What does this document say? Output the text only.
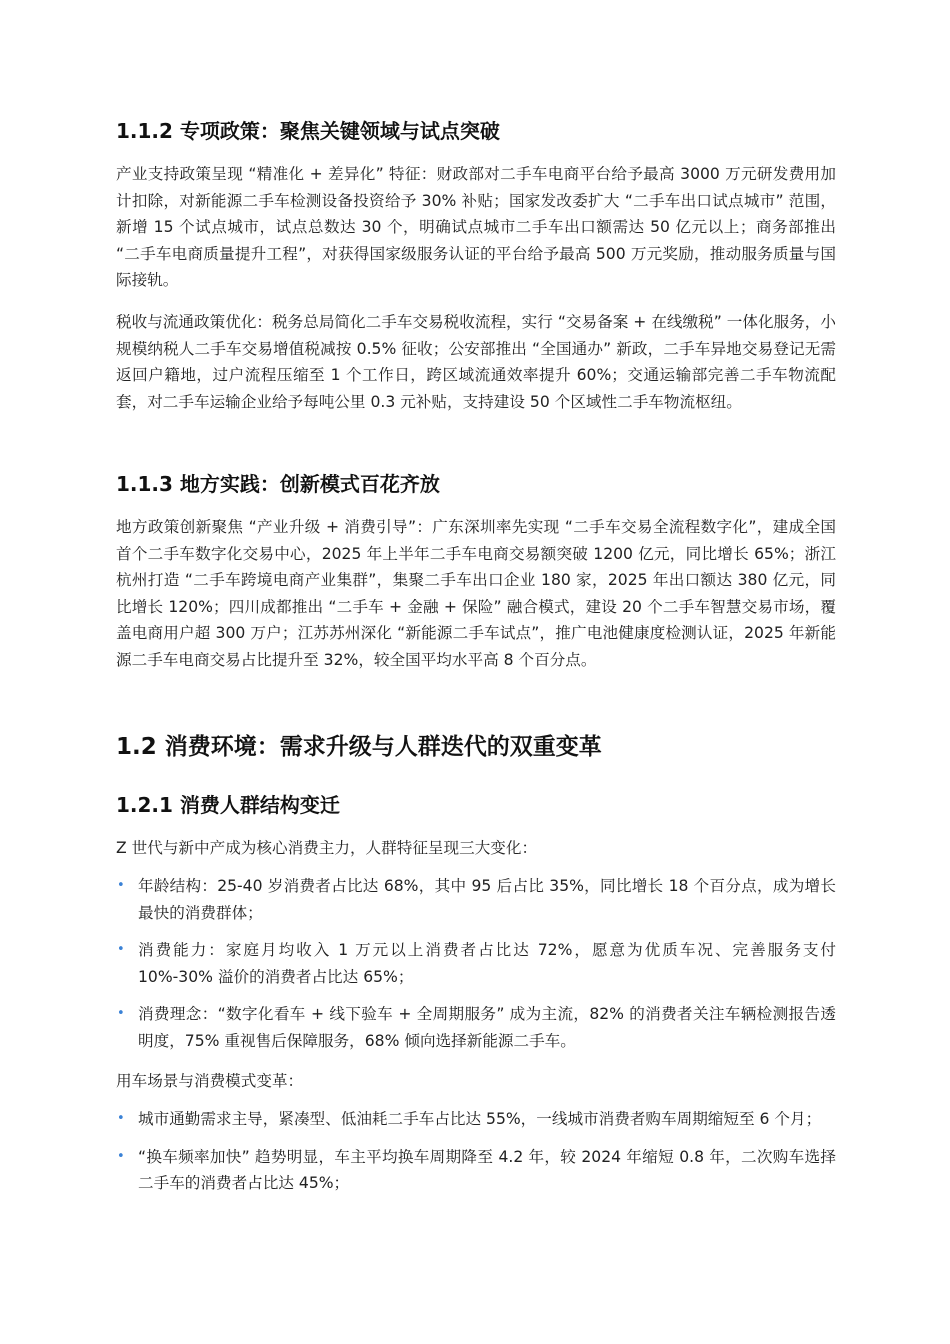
1.1.2 专项政策：聚焦关键领域与试点突破

产业支持政策呈现 “精准化 + 差异化” 特征：财政部对二手车电商平台给予最高 3000 万元研发费用加计扣除，对新能源二手车检测设备投资给予 30% 补贴；国家发改委扩大 “二手车出口试点城市” 范围，新增 15 个试点城市，试点总数达 30 个，明确试点城市二手车出口额需达 50 亿元以上；商务部推出 “二手车电商质量提升工程”，对获得国家级服务认证的平台给予最高 500 万元奖励，推动服务质量与国际接轨。

税收与流通政策优化：税务总局简化二手车交易税收流程，实行 “交易备案 + 在线缴税” 一体化服务，小规模纳税人二手车交易增值税减按 0.5% 征收；公安部推出 “全国通办” 新政，二手车异地交易登记无需返回户籍地，过户流程压缩至 1 个工作日，跨区域流通效率提升 60%；交通运输部完善二手车物流配套，对二手车运输企业给予每吨公里 0.3 元补贴，支持建设 50 个区域性二手车物流枢纽。

1.1.3 地方实践：创新模式百花齐放

地方政策创新聚焦 “产业升级 + 消费引导”：广东深圳率先实现 “二手车交易全流程数字化”，建成全国首个二手车数字化交易中心，2025 年上半年二手车电商交易额突破 1200 亿元，同比增长 65%；浙江杭州打造 “二手车跨境电商产业集群”，集聚二手车出口企业 180 家，2025 年出口额达 380 亿元，同比增长 120%；四川成都推出 “二手车 + 金融 + 保险” 融合模式，建设 20 个二手车智慧交易市场，覆盖电商用户超 300 万户；江苏苏州深化 “新能源二手车试点”，推广电池健康度检测认证，2025 年新能源二手车电商交易占比提升至 32%，较全国平均水平高 8 个百分点。

1.2 消费环境：需求升级与人群迭代的双重变革
1.2.1 消费人群结构变迁

Z 世代与新中产成为核心消费主力，人群特征呈现三大变化：

• 年龄结构：25-40 岁消费者占比达 68%，其中 95 后占比 35%，同比增长 18 个百分点，成为增长最快的消费群体；
• 消费能力：家庭月均收入 1 万元以上消费者占比达 72%，愿意为优质车况、完善服务支付 10%-30% 溢价的消费者占比达 65%；
• 消费理念：“数字化看车 + 线下验车 + 全周期服务” 成为主流，82% 的消费者关注车辆检测报告透明度，75% 重视售后保障服务，68% 倾向选择新能源二手车。

用车场景与消费模式变革：

• 城市通勤需求主导，紧凑型、低油耗二手车占比达 55%，一线城市消费者购车周期缩短至 6 个月；
• “换车频率加快” 趋势明显，车主平均换车周期降至 4.2 年，较 2024 年缩短 0.8 年，二次购车选择二手车的消费者占比达 45%；
